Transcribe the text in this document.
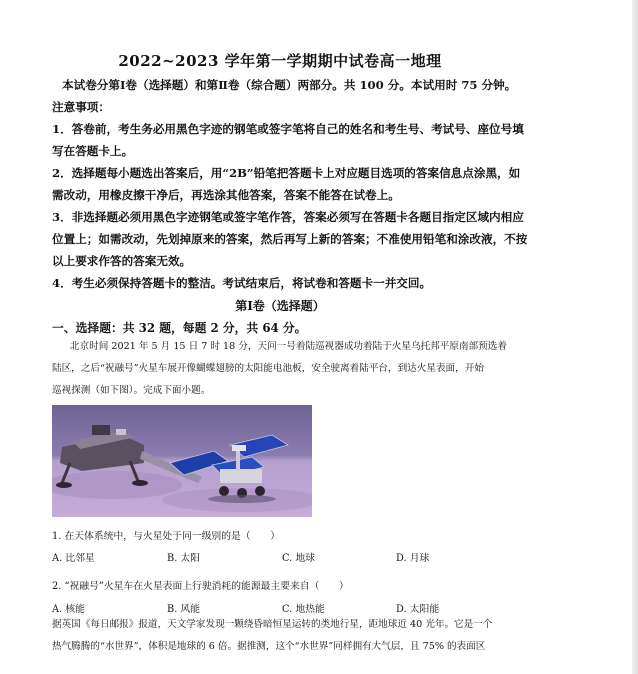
2022~2023 学年第一学期期中试卷高一地理
本试卷分第Ⅰ卷（选择题）和第Ⅱ卷（综合题）两部分。共 100 分。本试用时 75 分钟。
注意事项：
1．答卷前，考生务必用黑色字迹的钢笔或签字笔将自己的姓名和考生号、考试号、座位号填
写在答题卡上。
2．选择题每小题选出答案后，用“2B”铅笔把答题卡上对应题目选项的答案信息点涂黑，如
需改动，用橡皮擦干净后，再选涂其他答案，答案不能答在试卷上。
3．非选择题必须用黑色字迹钢笔或签字笔作答，答案必须写在答题卡各题目指定区域内相应
位置上；如需改动，先划掉原来的答案，然后再写上新的答案；不准使用铅笔和涂改液，不按
以上要求作答的答案无效。
4．考生必须保持答题卡的整洁。考试结束后，将试卷和答题卡一并交回。
第Ⅰ卷（选择题）
一、选择题：共 32 题，每题 2 分，共 64 分。
北京时间 2021 年 5 月 15 日 7 时 18 分，天问一号着陆巡视器成功着陆于火星乌托邦平原南部预选着
陆区，之后“祝融号”火星车展开像蝴蝶翅膀的太阳能电池板，安全驶离着陆平台，到达火星表面，开始
巡视探测（如下图）。完成下面小题。
1. 在天体系统中，与火星处于同一级别的是（　　）
A. 比邻星	B. 太阳	C. 地球	D. 月球
2. “祝融号”火星车在火星表面上行驶消耗的能源最主要来自（　　）
A. 核能	B. 风能	C. 地热能	D. 太阳能
据英国《每日邮报》报道，天文学家发现一颗绕昏暗恒星运转的类地行星，距地球近 40 光年。它是一个
热气腾腾的“水世界”，体积是地球的 6 倍。据推测，这个“水世界”同样拥有大气层，且 75% 的表面区
